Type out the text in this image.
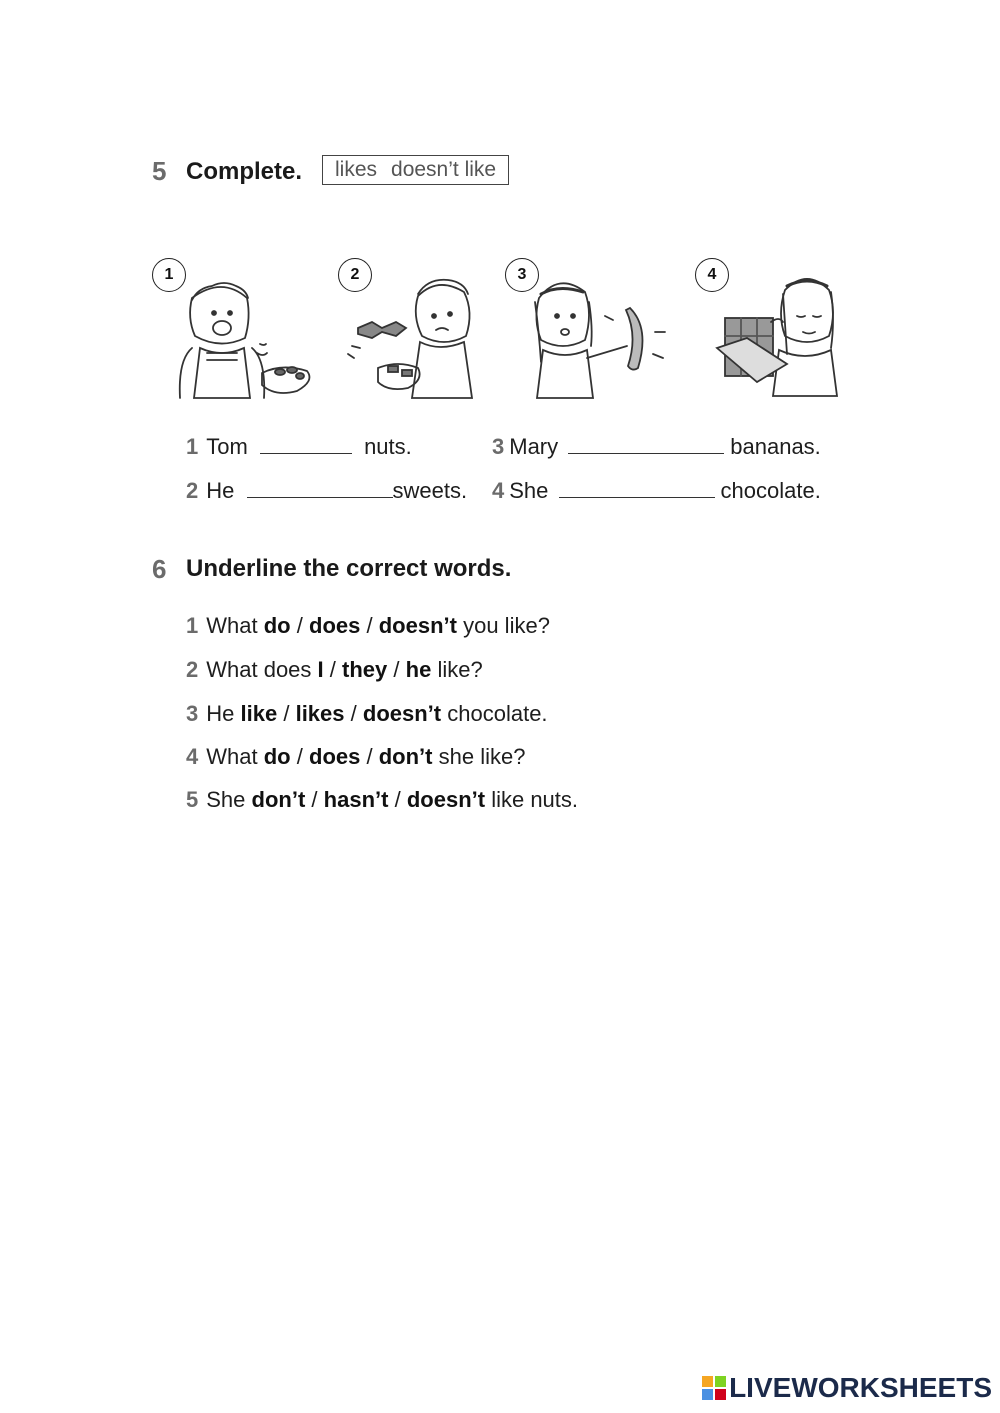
5 Complete.	likes doesn’t like
1	2	3	4
1 Tom	nuts.
2 He	sweets.
3 Mary	bananas.
4 She	chocolate.
6 Underline the correct words.
1 What do / does / doesn’t you like?
2 What does I / they / he like?
3 He like / likes / doesn’t chocolate.
4 What do / does / don’t she like?
5 She don’t / hasn’t / doesn’t like nuts.
LIVEWORKSHEETS
